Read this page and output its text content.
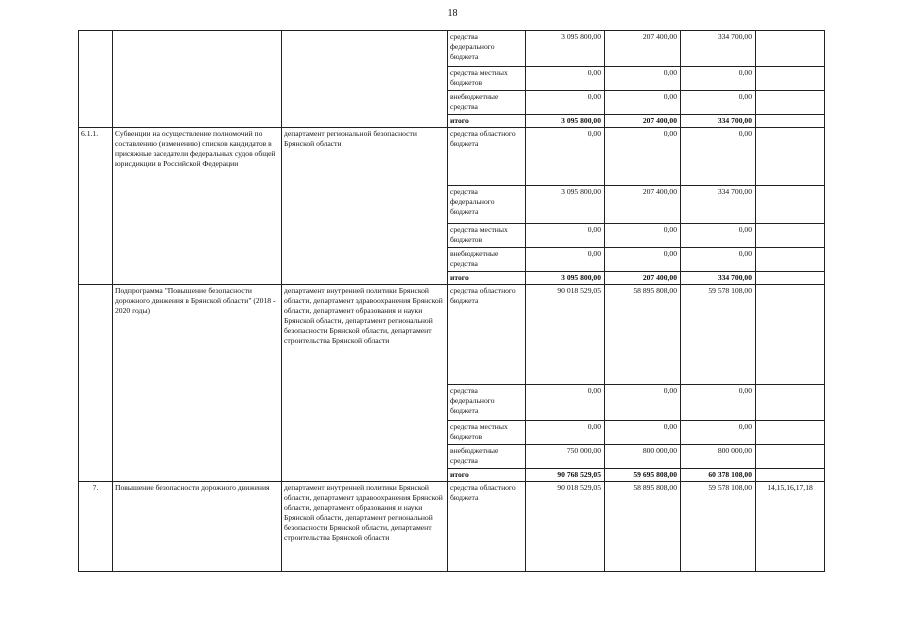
18
			средства федерального бюджета	3 095 800,00	207 400,00	334 700,00	
			средства местных бюджетов	0,00	0,00	0,00	
			внебюджетные средства	0,00	0,00	0,00	
			итого	3 095 800,00	207 400,00	334 700,00	
6.1.1.	Субвенции на осуществление полномочий по составлению (изменению) списков кандидатов в присяжные заседатели федеральных судов общей юрисдикции в Российской Федерации	департамент региональной безопасности Брянской области	средства областного бюджета	0,00	0,00	0,00	
			средства федерального бюджета	3 095 800,00	207 400,00	334 700,00	
			средства местных бюджетов	0,00	0,00	0,00	
			внебюджетные средства	0,00	0,00	0,00	
			итого	3 095 800,00	207 400,00	334 700,00	
	Подпрограмма "Повышение безопасности дорожного движения в Брянской области" (2018 - 2020 годы)	департамент внутренней политики Брянской области, департамент здравоохранения Брянской области, департамент образования и науки Брянской области, департамент региональной безопасности Брянской области, департамент строительства Брянской области	средства областного бюджета	90 018 529,05	58 895 808,00	59 578 108,00	
			средства федерального бюджета	0,00	0,00	0,00	
			средства местных бюджетов	0,00	0,00	0,00	
			внебюджетные средства	750 000,00	800 000,00	800 000,00	
			итого	90 768 529,05	59 695 808,00	60 378 108,00	
7.	Повышение безопасности дорожного движения	департамент внутренней политики Брянской области, департамент здравоохранения Брянской области, департамент образования и науки Брянской области, департамент региональной безопасности Брянской области, департамент строительства Брянской области	средства областного бюджета	90 018 529,05	58 895 808,00	59 578 108,00	14,15,16,17,18
